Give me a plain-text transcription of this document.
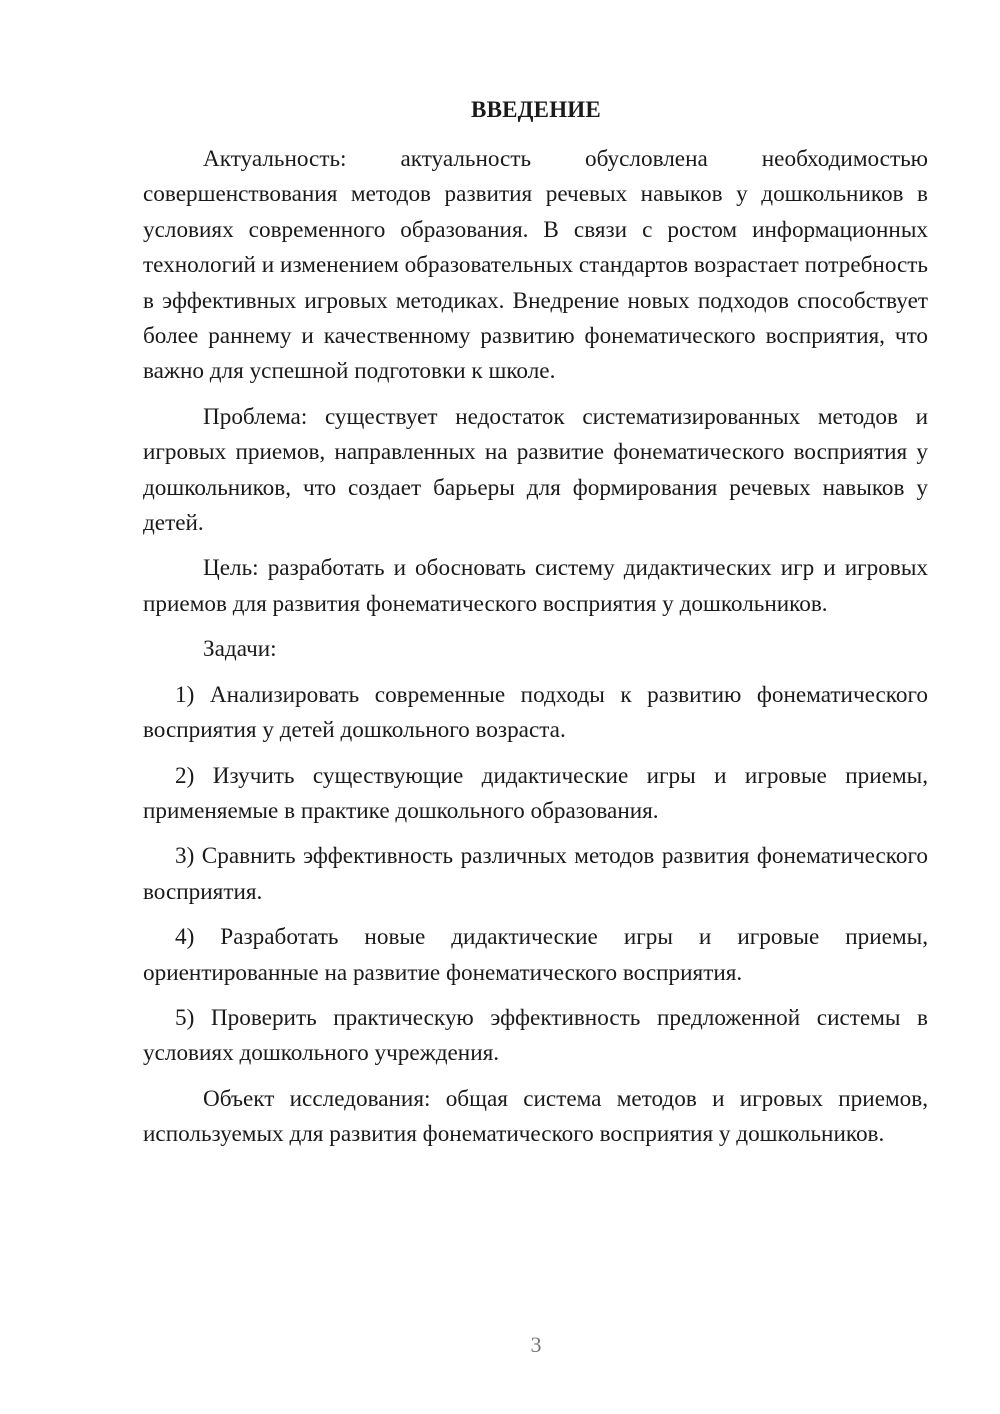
ВВЕДЕНИЕ

Актуальность: актуальность обусловлена необходимостью совершенствования методов развития речевых навыков у дошкольников в условиях современного образования. В связи с ростом информационных технологий и изменением образовательных стандартов возрастает потребность в эффективных игровых методиках. Внедрение новых подходов способствует более раннему и качественному развитию фонематического восприятия, что важно для успешной подготовки к школе.

Проблема: существует недостаток систематизированных методов и игровых приемов, направленных на развитие фонематического восприятия у дошкольников, что создает барьеры для формирования речевых навыков у детей.

Цель: разработать и обосновать систему дидактических игр и игровых приемов для развития фонематического восприятия у дошкольников.

Задачи:

1) Анализировать современные подходы к развитию фонематического восприятия у детей дошкольного возраста.

2) Изучить существующие дидактические игры и игровые приемы, применяемые в практике дошкольного образования.

3) Сравнить эффективность различных методов развития фонематического восприятия.

4) Разработать новые дидактические игры и игровые приемы, ориентированные на развитие фонематического восприятия.

5) Проверить практическую эффективность предложенной системы в условиях дошкольного учреждения.

Объект исследования: общая система методов и игровых приемов, используемых для развития фонематического восприятия у дошкольников.

3
